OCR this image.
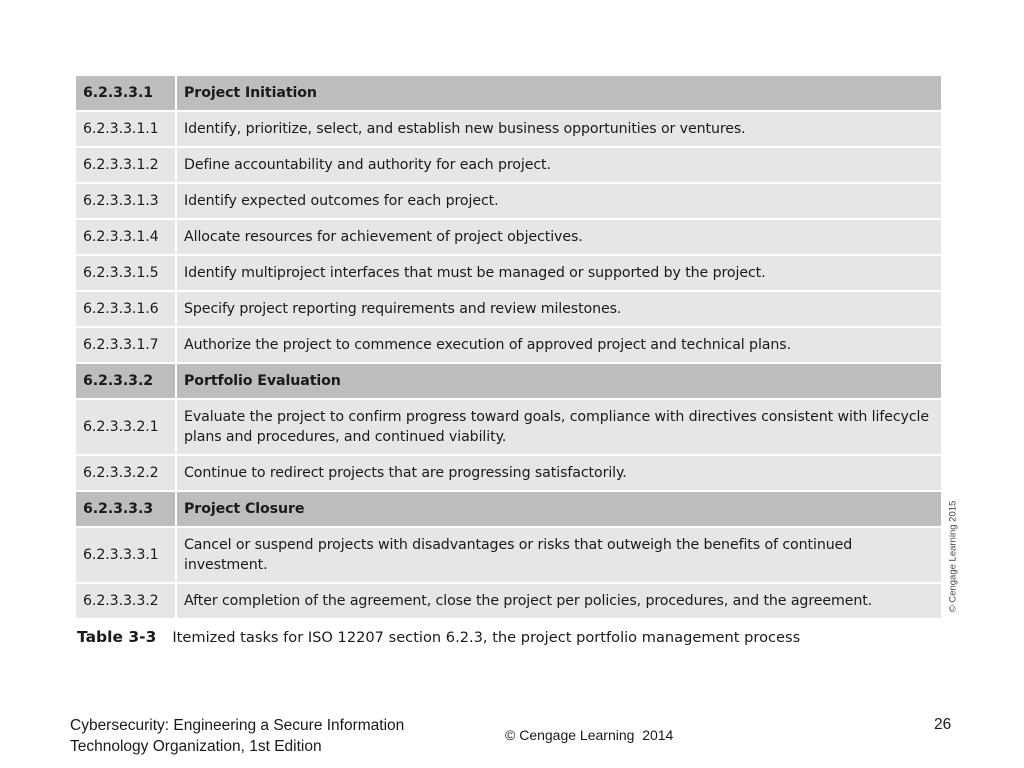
6.2.3.3.1	Project Initiation
6.2.3.3.1.1	Identify, prioritize, select, and establish new business opportunities or ventures.
6.2.3.3.1.2	Define accountability and authority for each project.
6.2.3.3.1.3	Identify expected outcomes for each project.
6.2.3.3.1.4	Allocate resources for achievement of project objectives.
6.2.3.3.1.5	Identify multiproject interfaces that must be managed or supported by the project.
6.2.3.3.1.6	Specify project reporting requirements and review milestones.
6.2.3.3.1.7	Authorize the project to commence execution of approved project and technical plans.
6.2.3.3.2	Portfolio Evaluation
6.2.3.3.2.1	Evaluate the project to confirm progress toward goals, compliance with directives consistent with lifecycle plans and procedures, and continued viability.
6.2.3.3.2.2	Continue to redirect projects that are progressing satisfactorily.
6.2.3.3.3	Project Closure
6.2.3.3.3.1	Cancel or suspend projects with disadvantages or risks that outweigh the benefits of continued investment.
6.2.3.3.3.2	After completion of the agreement, close the project per policies, procedures, and the agreement.	© Cengage Learning 2015
Table 3-3 Itemized tasks for ISO 12207 section 6.2.3, the project portfolio management process
Cybersecurity: Engineering a Secure Information
Technology Organization, 1st Edition
© Cengage Learning  2014
26
